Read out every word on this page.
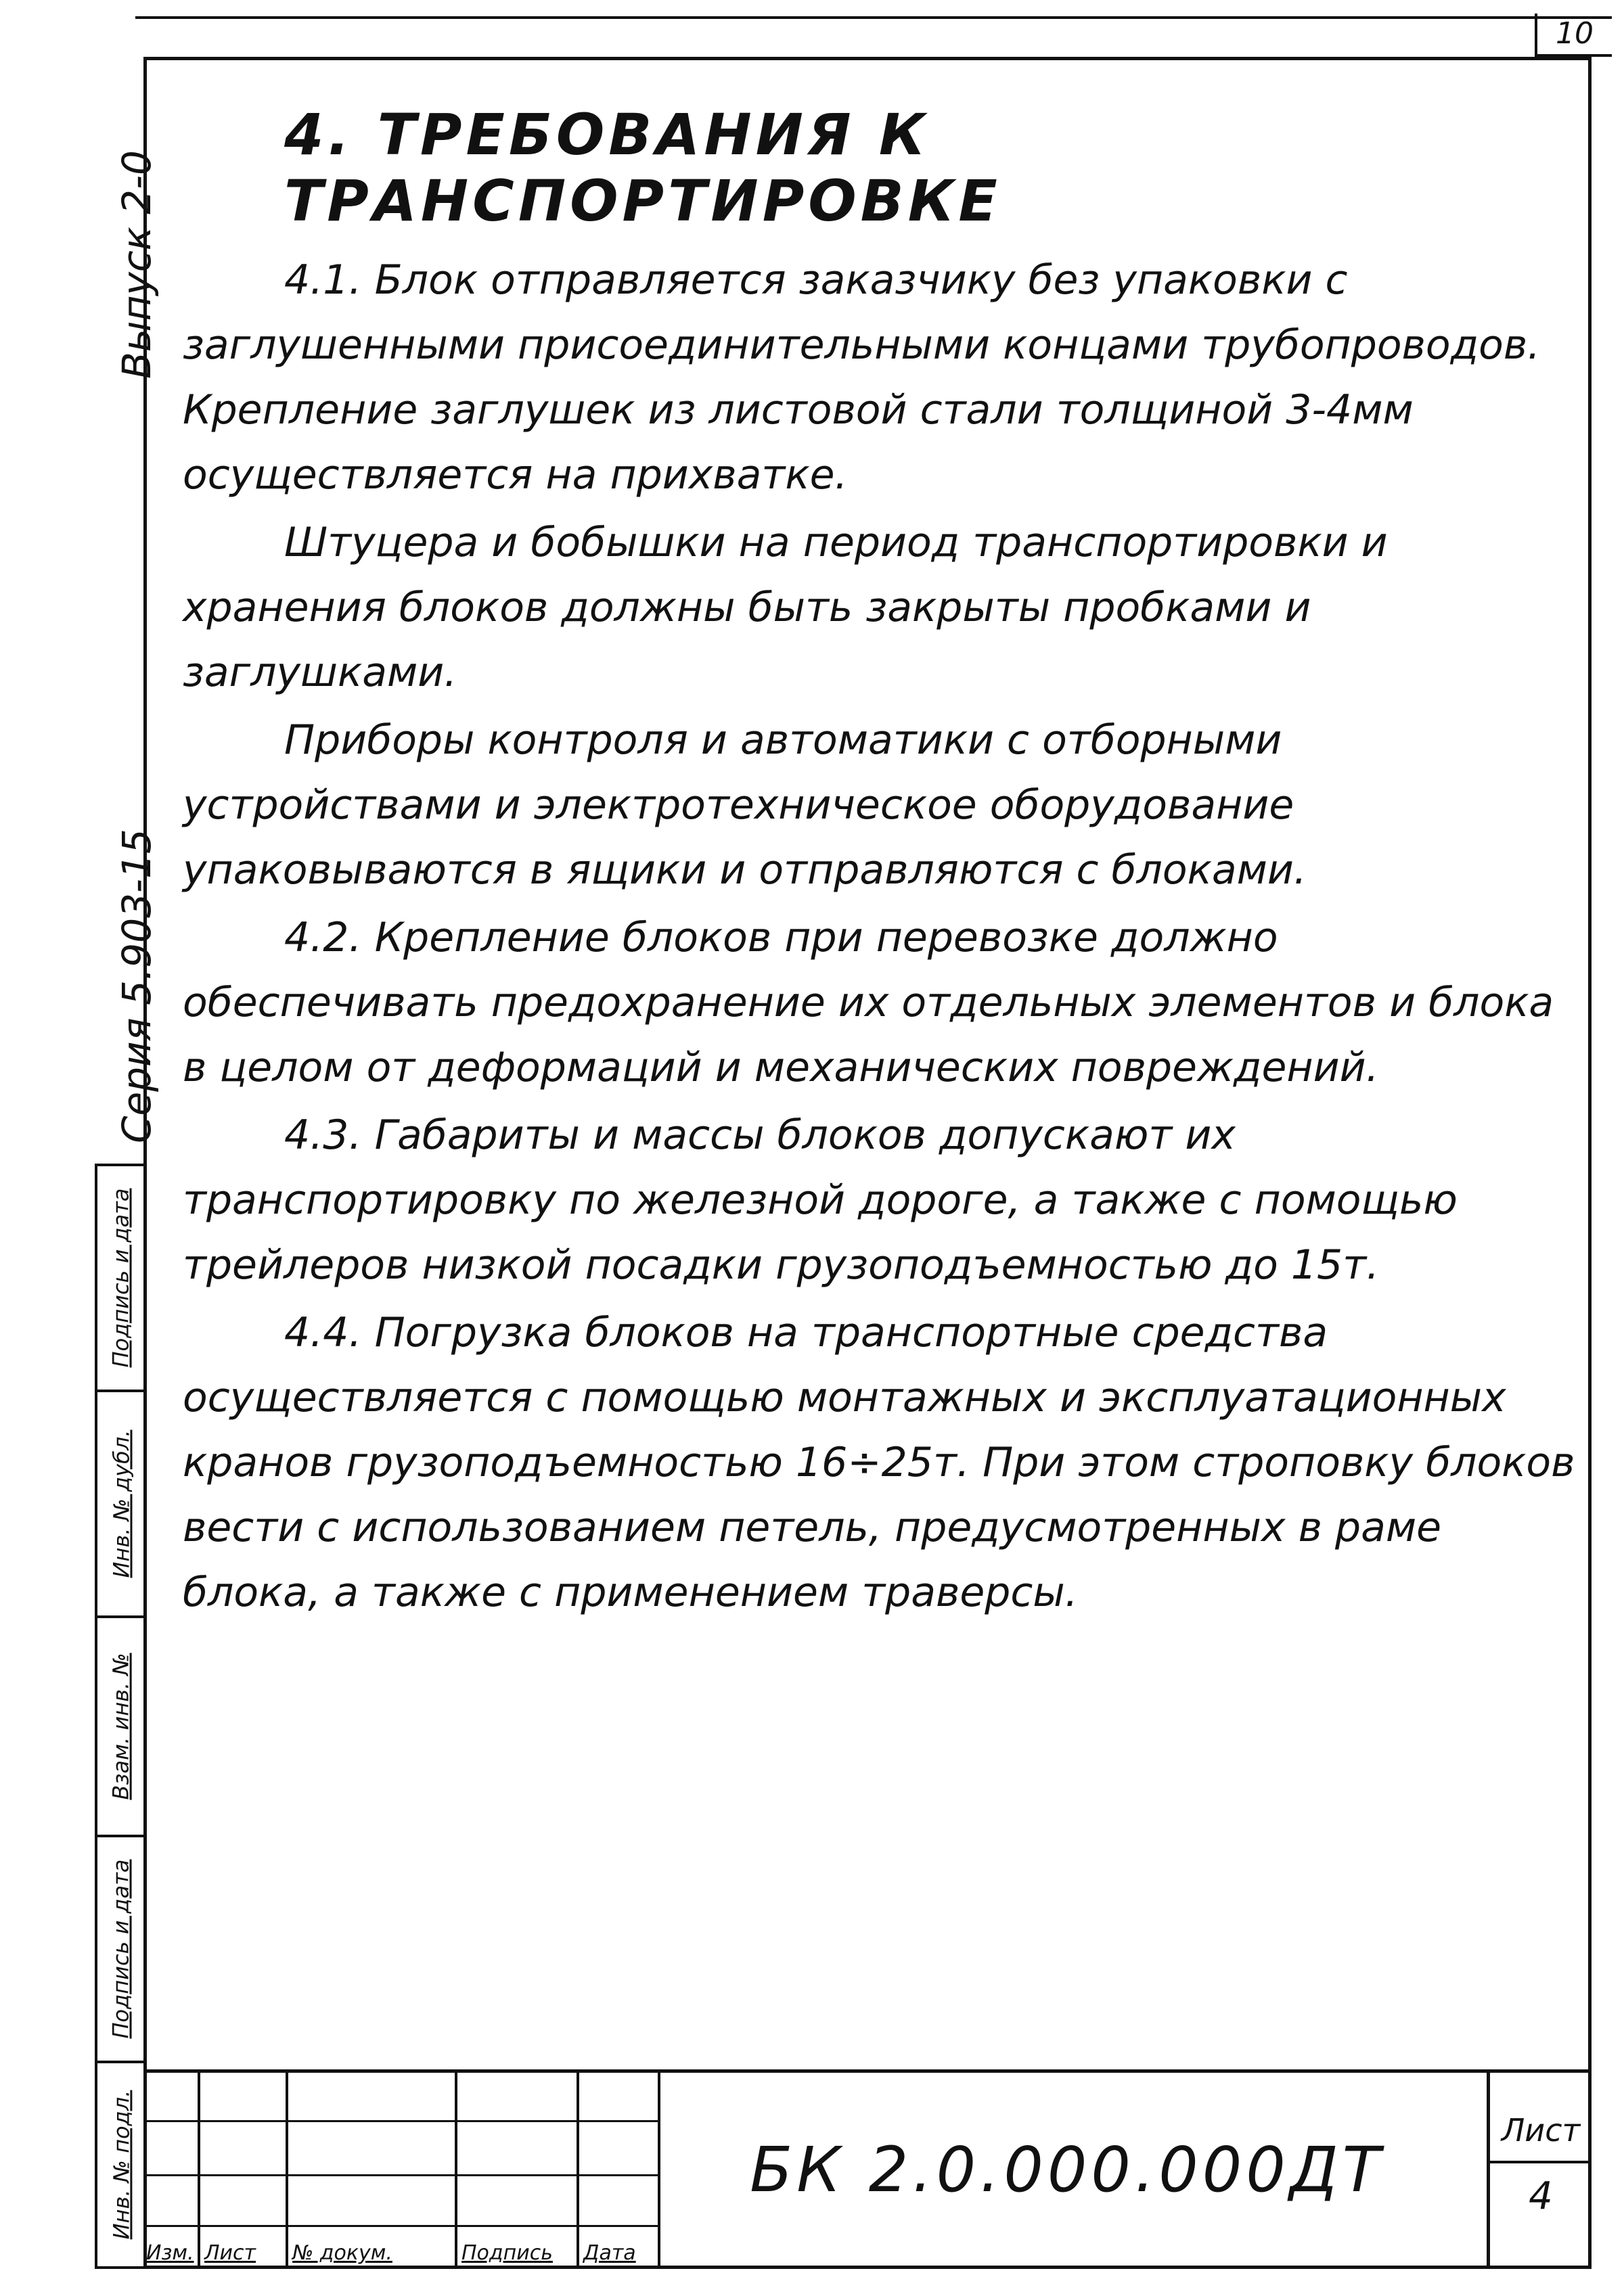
10
Выпуск 2-0
Серия 5.903-15
Подпись и дата
Инв. № дубл.
Взам. инв. №
Подпись и дата
Инв. № подл.
4. ТРЕБОВАНИЯ К ТРАНСПОРТИРОВКЕ

4.1. Блок отправляется заказчику без упаковки с заглушенными присоединительными концами трубопроводов. Крепление заглушек из листовой стали толщиной 3-4мм осуществляется на прихватке.

Штуцера и бобышки на период транспортировки и хранения блоков должны быть закрыты пробками и заглушками.

Приборы контроля и автоматики с отборными устройствами и электротехническое оборудование упаковываются в ящики и отправляются с блоками.

4.2. Крепление блоков при перевозке должно обеспечивать предохранение их отдельных элементов и блока в целом от деформаций и механических повреждений.

4.3. Габариты и массы блоков допускают их транспортировку по железной дороге, а также с помощью трейлеров низкой посадки грузоподъемностью до 15т.

4.4. Погрузка блоков на транспортные средства осуществляется с помощью монтажных и эксплуатационных кранов грузоподъемностью 16÷25т. При этом строповку блоков вести с использованием петель, предусмотренных в раме блока, а также с применением траверсы.

Изм. Лист № докум.	Подпись Дата
БК 2.0.000.000ДТ
Лист
4
